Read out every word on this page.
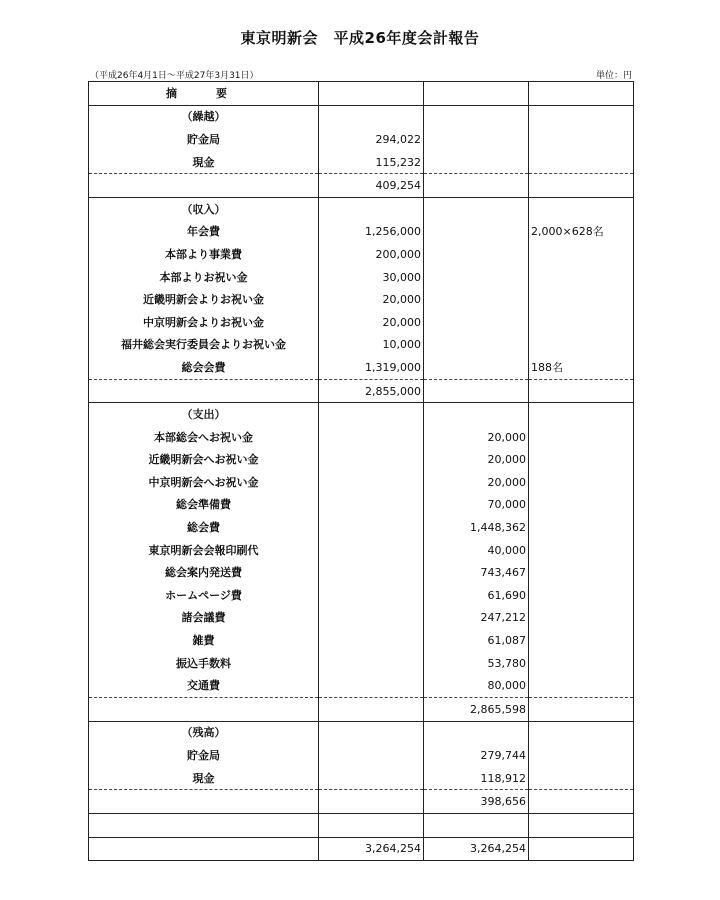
東京明新会　平成26年度会計報告
（平成26年4月1日～平成27年3月31日）	単位：円
摘　要			
（繰越）			
貯金局	294,022		
現金	115,232		
	409,254		
（収入）			
年会費	1,256,000		2,000×628名
本部より事業費	200,000		
本部よりお祝い金	30,000		
近畿明新会よりお祝い金	20,000		
中京明新会よりお祝い金	20,000		
福井総会実行委員会よりお祝い金	10,000		
総会会費	1,319,000		188名
	2,855,000		
（支出）			
本部総会へお祝い金		20,000	
近畿明新会へお祝い金		20,000	
中京明新会へお祝い金		20,000	
総会準備費		70,000	
総会費		1,448,362	
東京明新会会報印刷代		40,000	
総会案内発送費		743,467	
ホームページ費		61,690	
諸会議費		247,212	
雑費		61,087	
振込手数料		53,780	
交通費		80,000	
		2,865,598	
（残高）			
貯金局		279,744	
現金		118,912	
		398,656	

	3,264,254	3,264,254	
